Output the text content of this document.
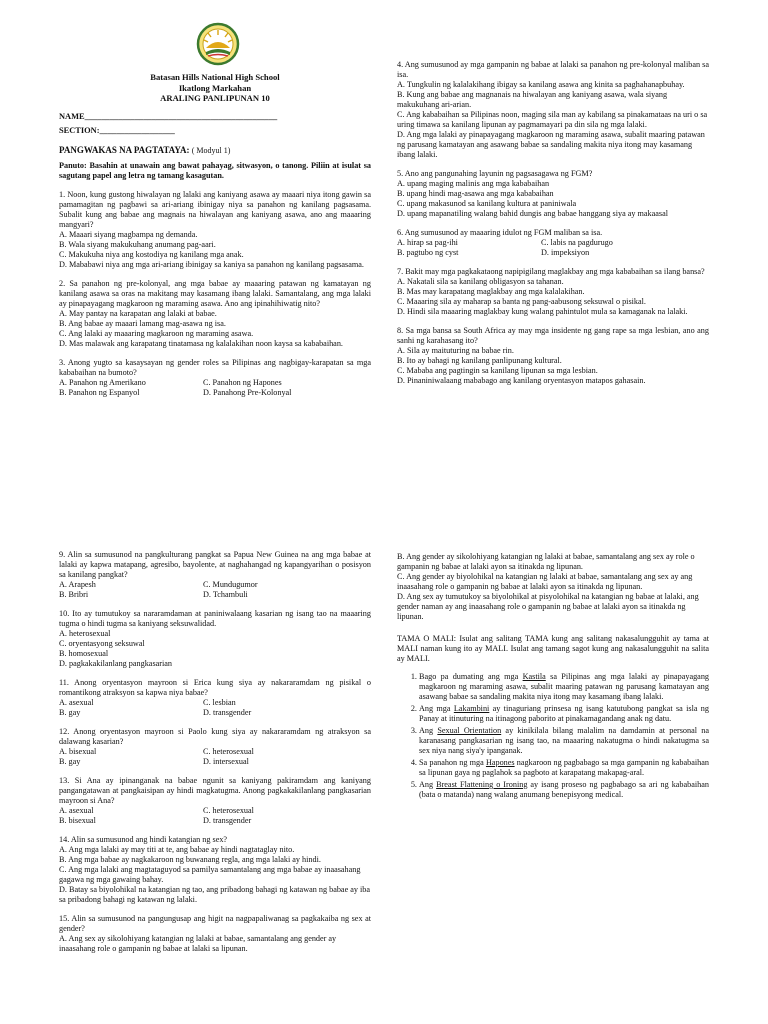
Batasan Hills National High School
Ikatlong Markahan
ARALING PANLIPUNAN 10
NAME______________________________________________
SECTION:__________________
PANGWAKAS NA PAGTATAYA: ( Modyul 1)
Panuto: Basahin at unawain ang bawat pahayag, sitwasyon, o tanong. Piliin at isulat sa sagutang papel ang letra ng tamang kasagutan.
1. Noon, kung gustong hiwalayan ng lalaki ang kaniyang asawa ay maaari niya itong gawin sa pamamagitan ng pagbawi sa ari-ariang ibinigay niya sa panahon ng kanilang pagsasama. Subalit kung ang babae ang magnais na hiwalayan ang kaniyang asawa, ano ang maaaring mangyari?
A. Maaari siyang magbampa ng demanda.
B. Wala siyang makukuhang anumang pag-aari.
C. Makukuha niya ang kostodiya ng kanilang mga anak.
D. Mababawi niya ang mga ari-ariang ibinigay sa kaniya sa panahon ng kanilang pagsasama.
2. Sa panahon ng pre-kolonyal, ang mga babae ay maaaring patawan ng kamatayan ng kanilang asawa sa oras na makitang may kasamang ibang lalaki. Samantalang, ang mga lalaki ay pinapayagang magkaroon ng maraming asawa. Ano ang ipinahihiwatig nito?
A. May pantay na karapatan ang lalaki at babae.
B. Ang babae ay maaari lamang mag-asawa ng isa.
C. Ang lalaki ay maaaring magkaroon ng maraming asawa.
D. Mas malawak ang karapatang tinatamasa ng kalalakihan noon kaysa sa kababaihan.
3. Anong yugto sa kasaysayan ng gender roles sa Pilipinas ang nagbigay-karapatan sa mga kababaihan na bumoto?
A. Panahon ng Amerikano	C. Panahon ng Hapones
B. Panahon ng Espanyol	D. Panahong Pre-Kolonyal
4. Ang sumusunod ay mga gampanin ng babae at lalaki sa panahon ng pre-kolonyal maliban sa isa.
A. Tungkulin ng kalalakihang ibigay sa kanilang asawa ang kinita sa paghahanapbuhay.
B. Kung ang babae ang magnanais na hiwalayan ang kaniyang asawa, wala siyang makukuhang ari-arian.
C. Ang kababaihan sa Pilipinas noon, maging sila man ay kabilang sa pinakamataas na uri o sa uring timawa sa kanilang lipunan ay pagmamayari pa din sila ng mga lalaki.
D. Ang mga lalaki ay pinapayagang magkaroon ng maraming asawa, subalit maaring patawan ng parusang kamatayan ang asawang babae sa sandaling makita niya itong may kasamang ibang lalaki.
5. Ano ang pangunahing layunin ng pagsasagawa ng FGM?
A. upang maging malinis ang mga kababaihan
B. upang hindi mag-asawa ang mga kababaihan
C. upang makasunod sa kanilang kultura at paniniwala
D. upang mapanatiling walang bahid dungis ang babae hanggang siya ay makaasal
6. Ang sumusunod ay maaaring idulot ng FGM maliban sa isa.
A. hirap sa pag-ihi	C. labis na pagdurugo
B. pagtubo ng cyst	D. impeksiyon
7. Bakit may mga pagkakataong napipigilang maglakbay ang mga kababaihan sa ilang bansa?
A. Nakatali sila sa kanilang obligasyon sa tahanan.
B. Mas may karapatang maglakbay ang mga kalalakihan.
C. Maaaring sila ay maharap sa banta ng pang-aabusong seksuwal o pisikal.
D. Hindi sila maaaring maglakbay kung walang pahintulot mula sa kamaganak na lalaki.
8. Sa mga bansa sa South Africa ay may mga insidente ng gang rape sa mga lesbian, ano ang sanhi ng karahasang ito?
A. Sila ay maituturing na babae rin.
B. Ito ay bahagi ng kanilang panlipunang kultural.
C. Mababa ang pagtingin sa kanilang lipunan sa mga lesbian.
D. Pinaniniwalaang mababago ang kanilang oryentasyon matapos gahasain.
9. Alin sa sumusunod na pangkulturang pangkat sa Papua New Guinea na ang mga babae at lalaki ay kapwa matapang, agresibo, bayolente, at naghahangad ng kapangyarihan o posisyon sa kanilang pangkat?
A. Arapesh	C. Mundugumor
B. Bribri	D. Tchambuli
10. Ito ay tumutukoy sa nararamdaman at paniniwalaang kasarian ng isang tao na maaaring tugma o hindi tugma sa kaniyang seksuwalidad.
A. heterosexual
C. oryentasyong seksuwal
B. homosexual
D. pagkakakilanlang pangkasarian
11. Anong oryentasyon mayroon si Erica kung siya ay nakararamdam ng pisikal o romantikong atraksyon sa kapwa niya babae?
A. asexual	C. lesbian
B. gay	D. transgender
12. Anong oryentasyon mayroon si Paolo kung siya ay nakararamdam ng atraksyon sa dalawang kasarian?
A. bisexual	C. heterosexual
B. gay	D. intersexual
13. Si Ana ay ipinanganak na babae ngunit sa kaniyang pakiramdam ang kaniyang pangangatawan at pangkaisipan ay hindi magkatugma. Anong pagkakakilanlang pangkasarian mayroon si Ana?
A. asexual	C. heterosexual
B. bisexual	D. transgender
14. Alin sa sumusunod ang hindi katangian ng sex?
A. Ang mga lalaki ay may titi at te, ang babae ay hindi nagtataglay nito.
B. Ang mga babae ay nagkakaroon ng buwanang regla, ang mga lalaki ay hindi.
C. Ang mga lalaki ang magtataguyod sa pamilya samantalang ang mga babae ay inaasahang gagawa ng mga gawaing bahay.
D. Batay sa biyolohikal na katangian ng tao, ang pribadong bahagi ng katawan ng babae ay iba sa pribadong bahagi ng katawan ng lalaki.
15. Alin sa sumusunod na pangungusap ang higit na nagpapaliwanag sa pagkakaiba ng sex at gender?
A. Ang sex ay sikolohiyang katangian ng lalaki at babae, samantalang ang gender ay inaasahang role o gampanin ng babae at lalaki sa lipunan.
B. Ang gender ay sikolohiyang katangian ng lalaki at babae, samantalang ang sex ay role o gampanin ng babae at lalaki ayon sa itinakda ng lipunan.
C. Ang gender ay biyolohikal na katangian ng lalaki at babae, samantalang ang sex ay ang inaasahang role o gampanin ng babae at lalaki ayon sa itinakda ng lipunan.
D. Ang sex ay tumutukoy sa biyolohikal at pisyolohikal na katangian ng babae at lalaki, ang gender naman ay ang inaasahang role o gampanin ng babae at lalaki ayon sa itinakda ng lipunan.
TAMA O MALI: Isulat ang salitang TAMA kung ang salitang nakasalungguhit ay tama at MALI naman kung ito ay MALI. Isulat ang tamang sagot kung ang nakasalungguhit na salita ay MALI.
1. Bago pa dumating ang mga Kastila sa Pilipinas ang mga lalaki ay pinapayagang magkaroon ng maraming asawa, subalit maaring patawan ng parusang kamatayan ang asawang babae sa sandaling makita niya itong may kasamang ibang lalaki.
2. Ang mga Lakambini ay tinaguriang prinsesa ng isang katutubong pangkat sa isla ng Panay at itinuturing na itinagong paborito at pinakamagandang anak ng datu.
3. Ang Sexual Orientation ay kinikilala bilang malalim na damdamin at personal na karanasang pangkasarian ng isang tao, na maaaring nakatugma o hindi nakatugma sa sex niya nang siya'y ipanganak.
4. Sa panahon ng mga Hapones nagkaroon ng pagbabago sa mga gampanin ng kababaihan sa lipunan gaya ng paglahok sa pagboto at karapatang makapag-aral.
5. Ang Breast Flattening o Ironing ay isang proseso ng pagbabago sa ari ng kababaihan (bata o matanda) nang walang anumang benepisyong medical.
